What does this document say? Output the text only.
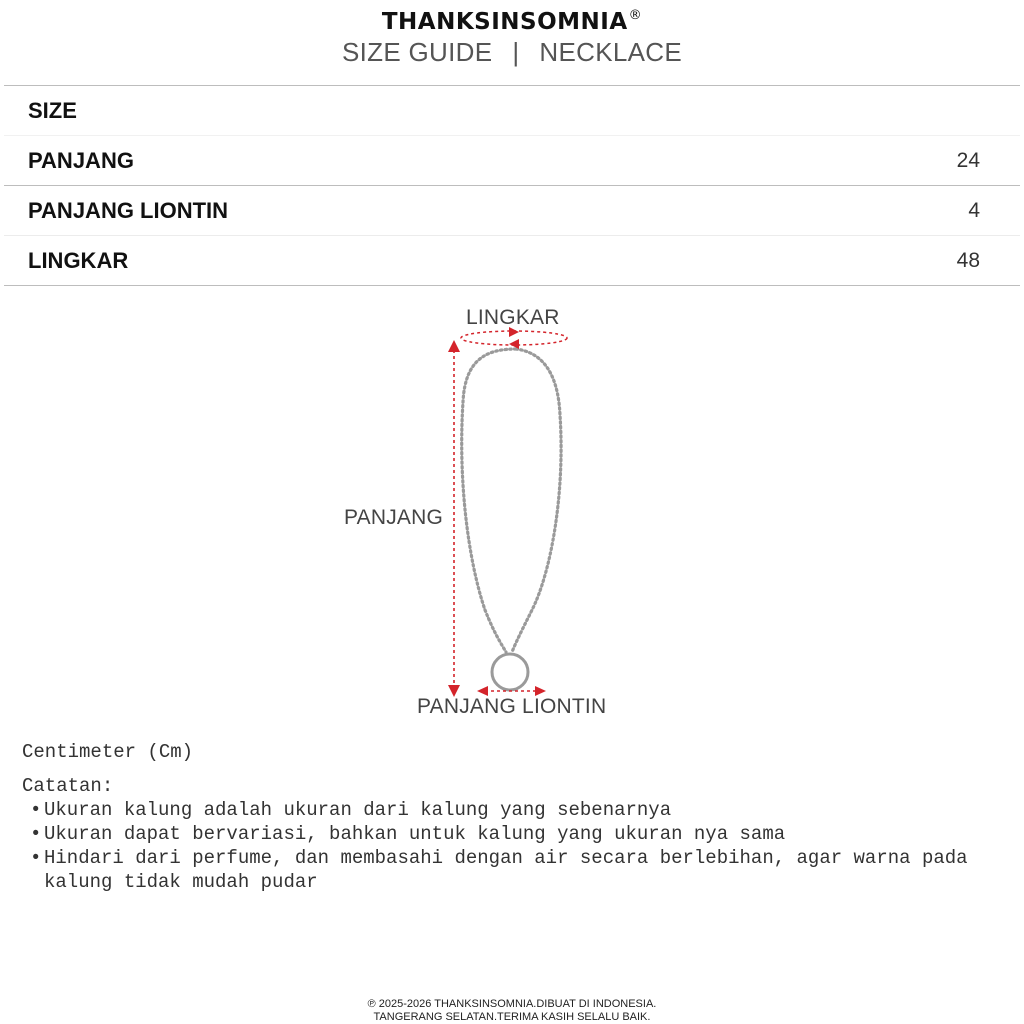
THANKSINSOMNIA®
SIZE GUIDE | NECKLACE
SIZE
PANJANG	24
PANJANG LIONTIN	4
LINGKAR	48
LINGKAR
PANJANG
PANJANG LIONTIN
Centimeter (Cm)
Catatan:
• Ukuran kalung adalah ukuran dari kalung yang sebenarnya
• Ukuran dapat bervariasi, bahkan untuk kalung yang ukuran nya sama
• Hindari dari perfume, dan membasahi dengan air secara berlebihan, agar warna pada kalung tidak mudah pudar
℗ 2025-2026 THANKSINSOMNIA.DIBUAT DI INDONESIA.
TANGERANG SELATAN.TERIMA KASIH SELALU BAIK.
